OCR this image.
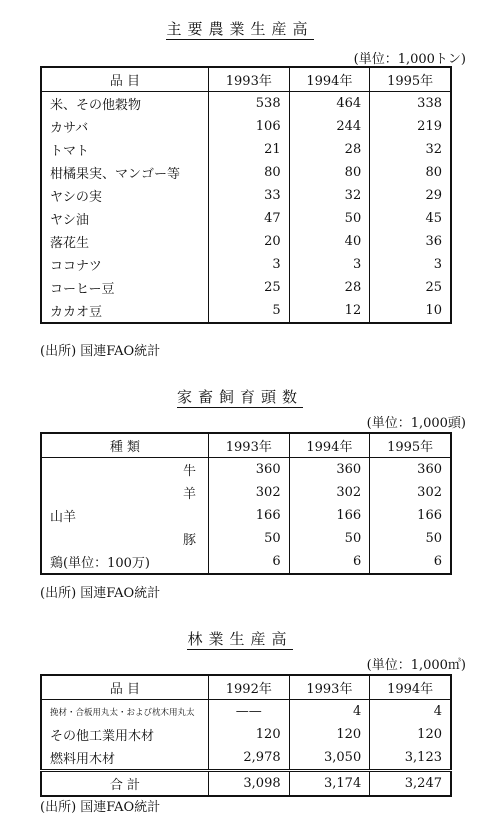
主要農業生産高
(単位：1,000トン)
品 目	1993年	1994年	1995年
米、その他穀物	538	464	338
カサバ	106	244	219
トマト	21	28	32
柑橘果実、マンゴー等	80	80	80
ヤシの実	33	32	29
ヤシ油	47	50	45
落花生	20	40	36
ココナツ	3	3	3
コーヒー豆	25	28	25
カカオ豆	5	12	10
(出所) 国連FAO統計
家畜飼育頭数
(単位：1,000頭)
種 類	1993年	1994年	1995年
牛	360	360	360
羊	302	302	302
山羊	166	166	166
豚	50	50	50
鶏(単位：100万)	6	6	6
(出所) 国連FAO統計
林業生産高
(単位：1,000㎥)
品 目	1992年	1993年	1994年
挽材・合板用丸太・および枕木用丸太	——	4	4
その他工業用木材	120	120	120
燃料用木材	2,978	3,050	3,123
合 計	3,098	3,174	3,247
(出所) 国連FAO統計
